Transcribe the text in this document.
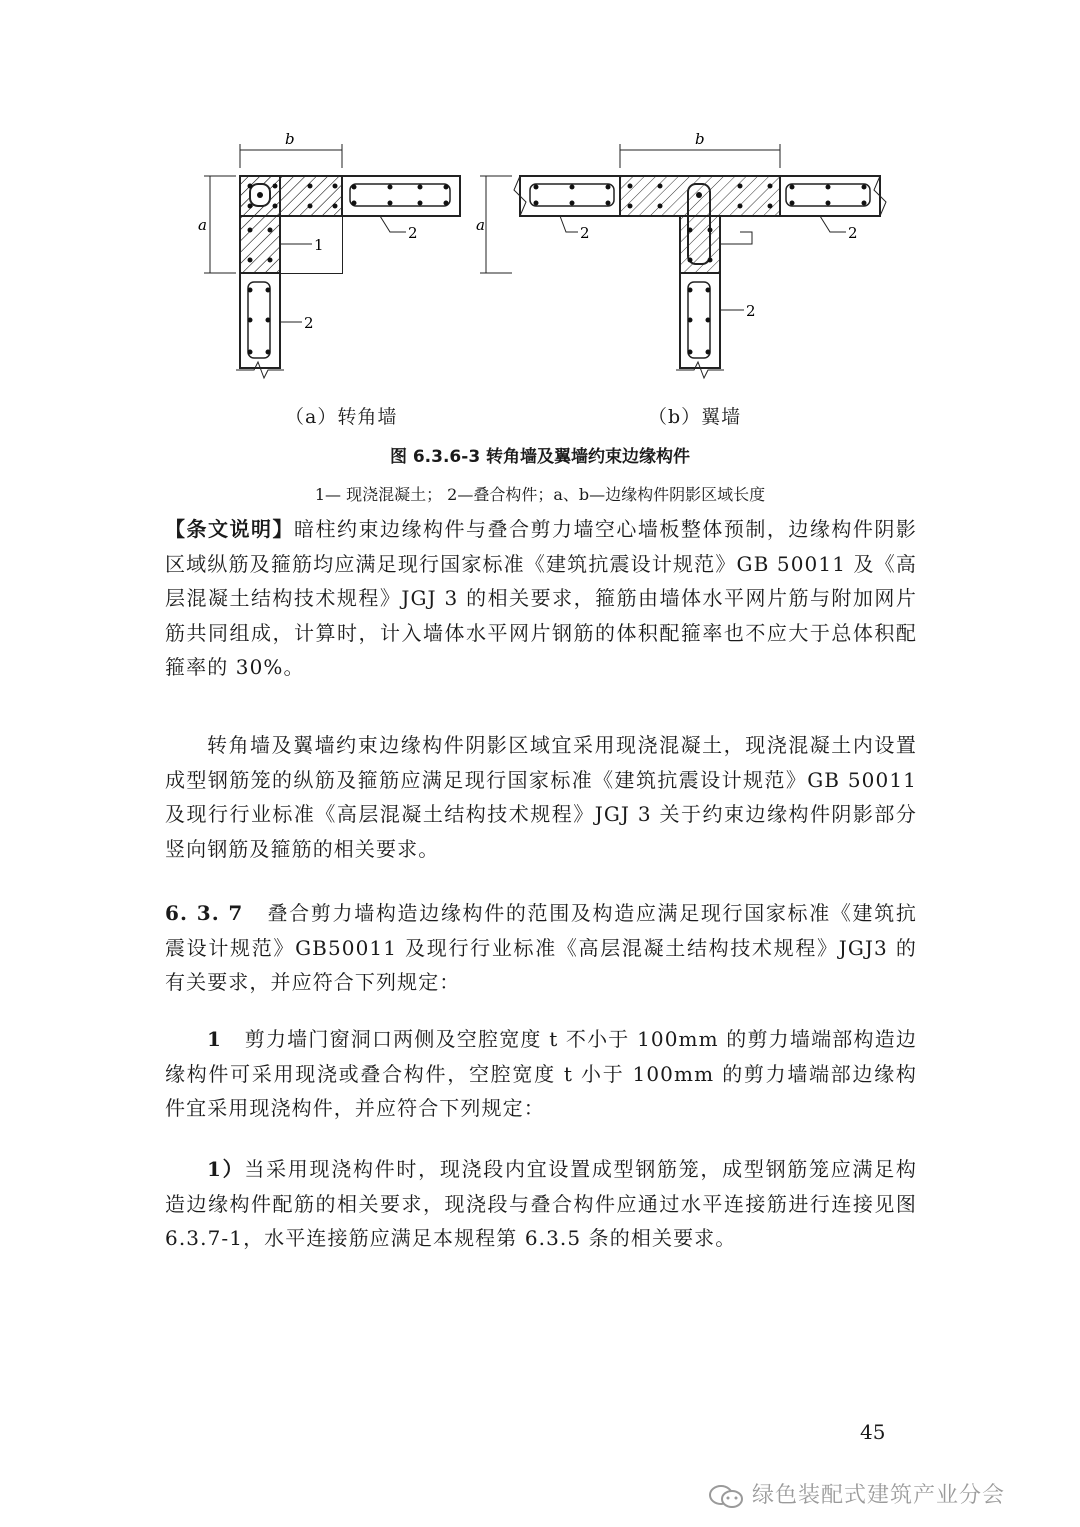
b
a
1
2
2
b
a	2	2
2
（a）转角墙	（b）翼墙
图 6.3.6-3 转角墙及翼墙约束边缘构件
1— 现浇混凝土； 2—叠合构件；a、b—边缘构件阴影区域长度
【条文说明】暗柱约束边缘构件与叠合剪力墙空心墙板整体预制，边缘构件阴影区域纵筋及箍筋均应满足现行国家标准《建筑抗震设计规范》GB 50011 及《高层混凝土结构技术规程》JGJ 3 的相关要求，箍筋由墙体水平网片筋与附加网片筋共同组成，计算时，计入墙体水平网片钢筋的体积配箍率也不应大于总体积配箍率的 30%。
转角墙及翼墙约束边缘构件阴影区域宜采用现浇混凝土，现浇混凝土内设置成型钢筋笼的纵筋及箍筋应满足现行国家标准《建筑抗震设计规范》GB 50011 及现行行业标准《高层混凝土结构技术规程》JGJ 3 关于约束边缘构件阴影部分竖向钢筋及箍筋的相关要求。
6. 3. 7 叠合剪力墙构造边缘构件的范围及构造应满足现行国家标准《建筑抗震设计规范》GB50011 及现行行业标准《高层混凝土结构技术规程》JGJ3 的有关要求，并应符合下列规定：
1 剪力墙门窗洞口两侧及空腔宽度 t 不小于 100mm 的剪力墙端部构造边缘构件可采用现浇或叠合构件，空腔宽度 t 小于 100mm 的剪力墙端部边缘构件宜采用现浇构件，并应符合下列规定：
1）当采用现浇构件时，现浇段内宜设置成型钢筋笼，成型钢筋笼应满足构造边缘构件配筋的相关要求，现浇段与叠合构件应通过水平连接筋进行连接见图 6.3.7-1，水平连接筋应满足本规程第 6.3.5 条的相关要求。
45
绿色装配式建筑产业分会
